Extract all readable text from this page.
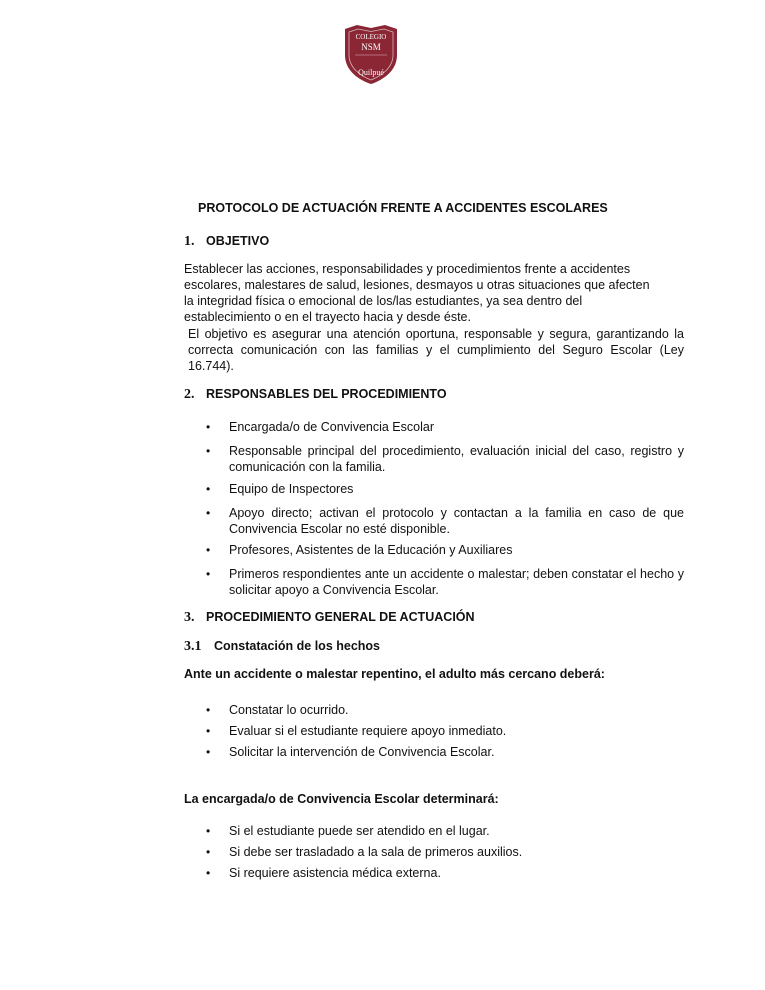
COLEGIO
NSM
Quilpué
PROTOCOLO DE ACTUACIÓN FRENTE A ACCIDENTES ESCOLARES
1. OBJETIVO
Establecer las acciones, responsabilidades y procedimientos frente a accidentes
escolares, malestares de salud, lesiones, desmayos u otras situaciones que afecten
la integridad física o emocional de los/las estudiantes, ya sea dentro del
establecimiento o en el trayecto hacia y desde éste.
El objetivo es asegurar una atención oportuna, responsable y segura, garantizando la correcta comunicación con las familias y el cumplimiento del Seguro Escolar (Ley 16.744).
2. RESPONSABLES DEL PROCEDIMIENTO
• Encargada/o de Convivencia Escolar
• Responsable principal del procedimiento, evaluación inicial del caso, registro y comunicación con la familia.
• Equipo de Inspectores
• Apoyo directo; activan el protocolo y contactan a la familia en caso de que Convivencia Escolar no esté disponible.
• Profesores, Asistentes de la Educación y Auxiliares
• Primeros respondientes ante un accidente o malestar; deben constatar el hecho y solicitar apoyo a Convivencia Escolar.
3. PROCEDIMIENTO GENERAL DE ACTUACIÓN
3.1 Constatación de los hechos
Ante un accidente o malestar repentino, el adulto más cercano deberá:
• Constatar lo ocurrido.
• Evaluar si el estudiante requiere apoyo inmediato.
• Solicitar la intervención de Convivencia Escolar.
La encargada/o de Convivencia Escolar determinará:
• Si el estudiante puede ser atendido en el lugar.
• Si debe ser trasladado a la sala de primeros auxilios.
• Si requiere asistencia médica externa.
